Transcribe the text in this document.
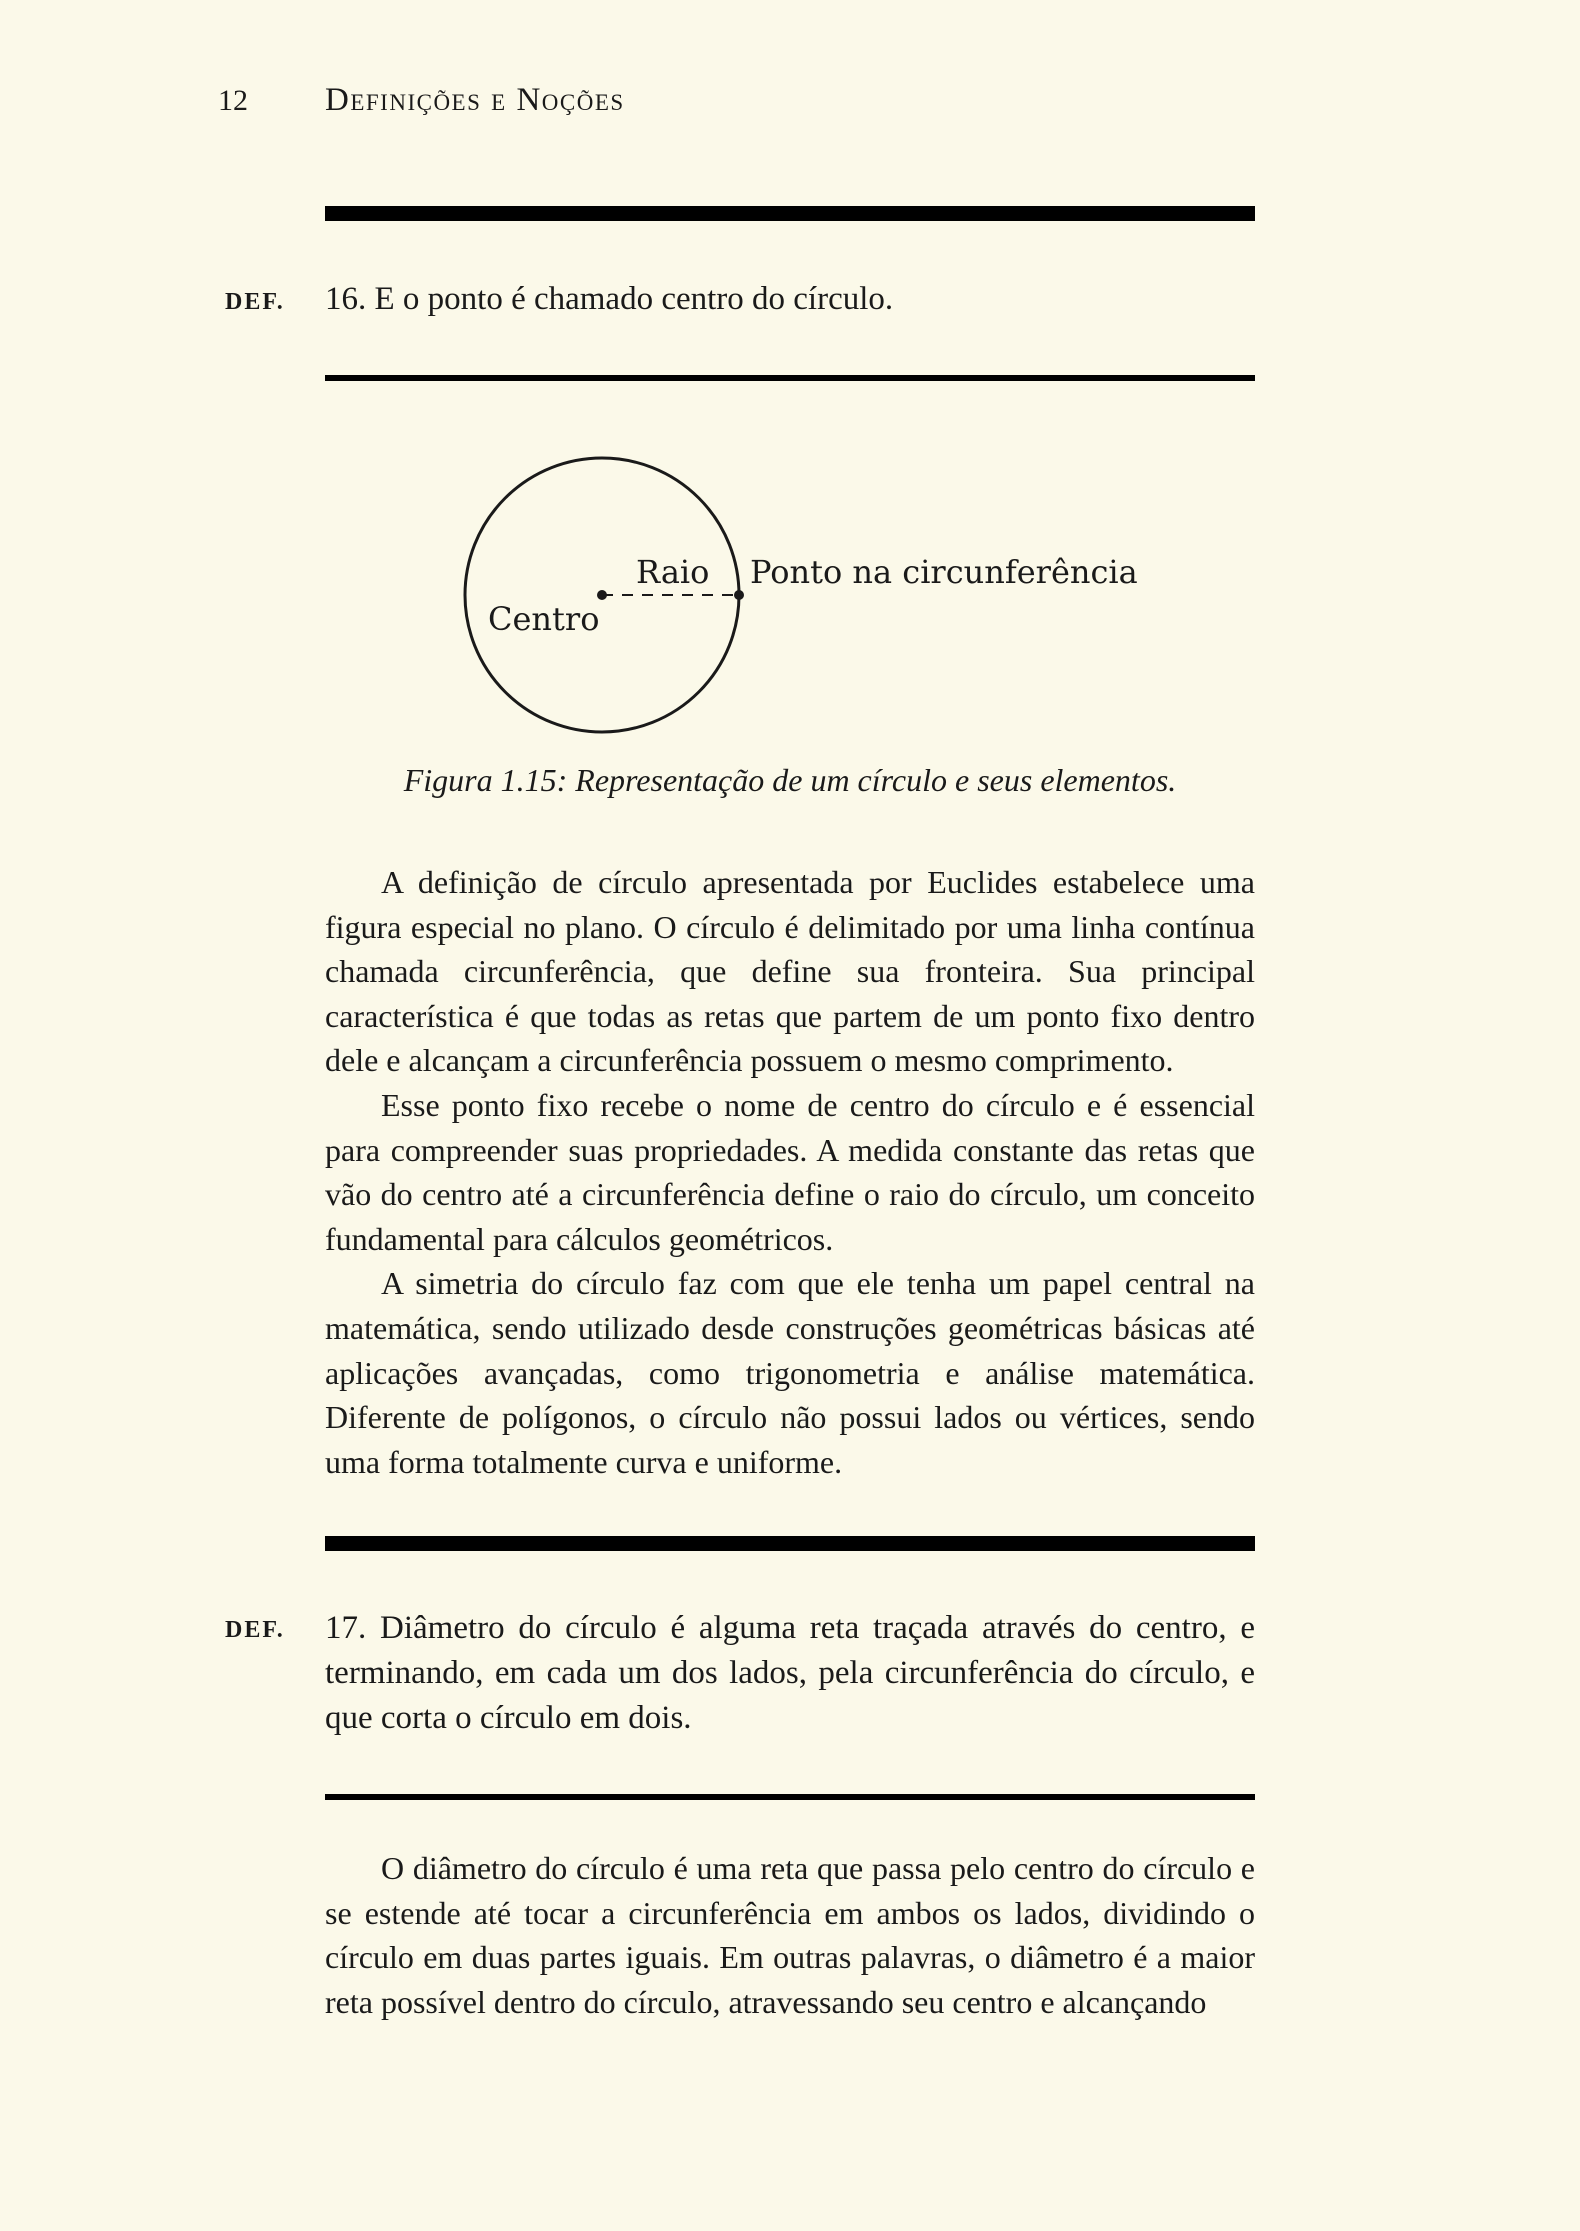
12 Definições e Noções
DEF. 16. E o ponto é chamado centro do círculo.
Raio
Centro
Ponto na circunferência
Figura 1.15: Representação de um círculo e seus elementos.

A definição de círculo apresentada por Euclides estabelece uma figura especial no plano. O círculo é delimitado por uma linha contínua chamada circunferência, que define sua fronteira. Sua principal característica é que todas as retas que partem de um ponto fixo dentro dele e alcançam a circunferência possuem o mesmo comprimento.

Esse ponto fixo recebe o nome de centro do círculo e é essencial para compreender suas propriedades. A medida constante das retas que vão do centro até a circunferência define o raio do círculo, um conceito fundamental para cálculos geométricos.

A simetria do círculo faz com que ele tenha um papel central na matemática, sendo utilizado desde construções geométricas básicas até aplicações avançadas, como trigonometria e análise matemática. Diferente de polígonos, o círculo não possui lados ou vértices, sendo uma forma totalmente curva e uniforme.

DEF. 17. Diâmetro do círculo é alguma reta traçada através do centro, e terminando, em cada um dos lados, pela circunferência do círculo, e que corta o círculo em dois.

O diâmetro do círculo é uma reta que passa pelo centro do círculo e se estende até tocar a circunferência em ambos os lados, dividindo o círculo em duas partes iguais. Em outras palavras, o diâmetro é a maior reta possível dentro do círculo, atravessando seu centro e alcançando
